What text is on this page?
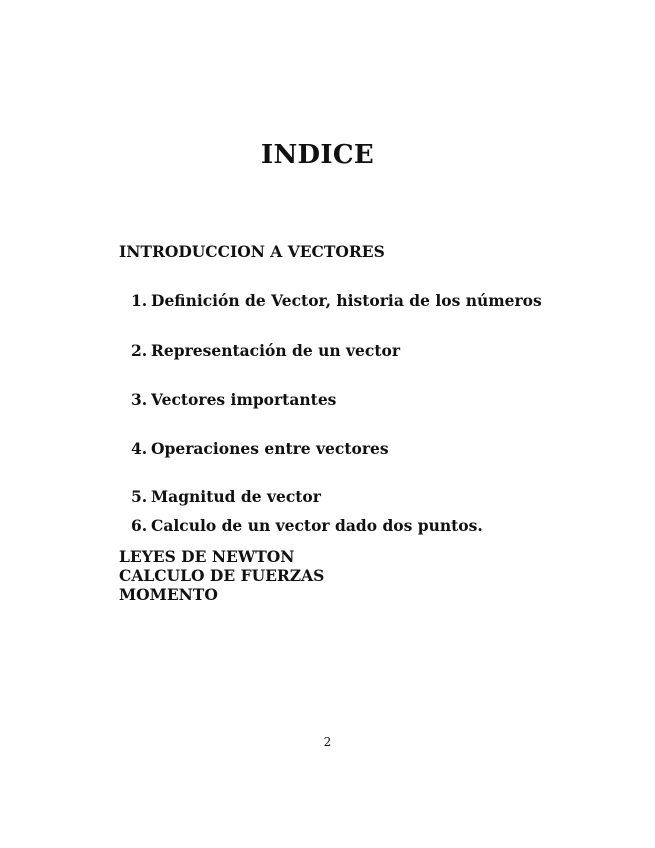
INDICE
INTRODUCCION A VECTORES
1. Definición de Vector, historia de los números
2. Representación de un vector
3. Vectores importantes
4. Operaciones entre vectores
5. Magnitud de vector
6. Calculo de un vector dado dos puntos.
LEYES DE NEWTON
CALCULO DE FUERZAS
MOMENTO
2
